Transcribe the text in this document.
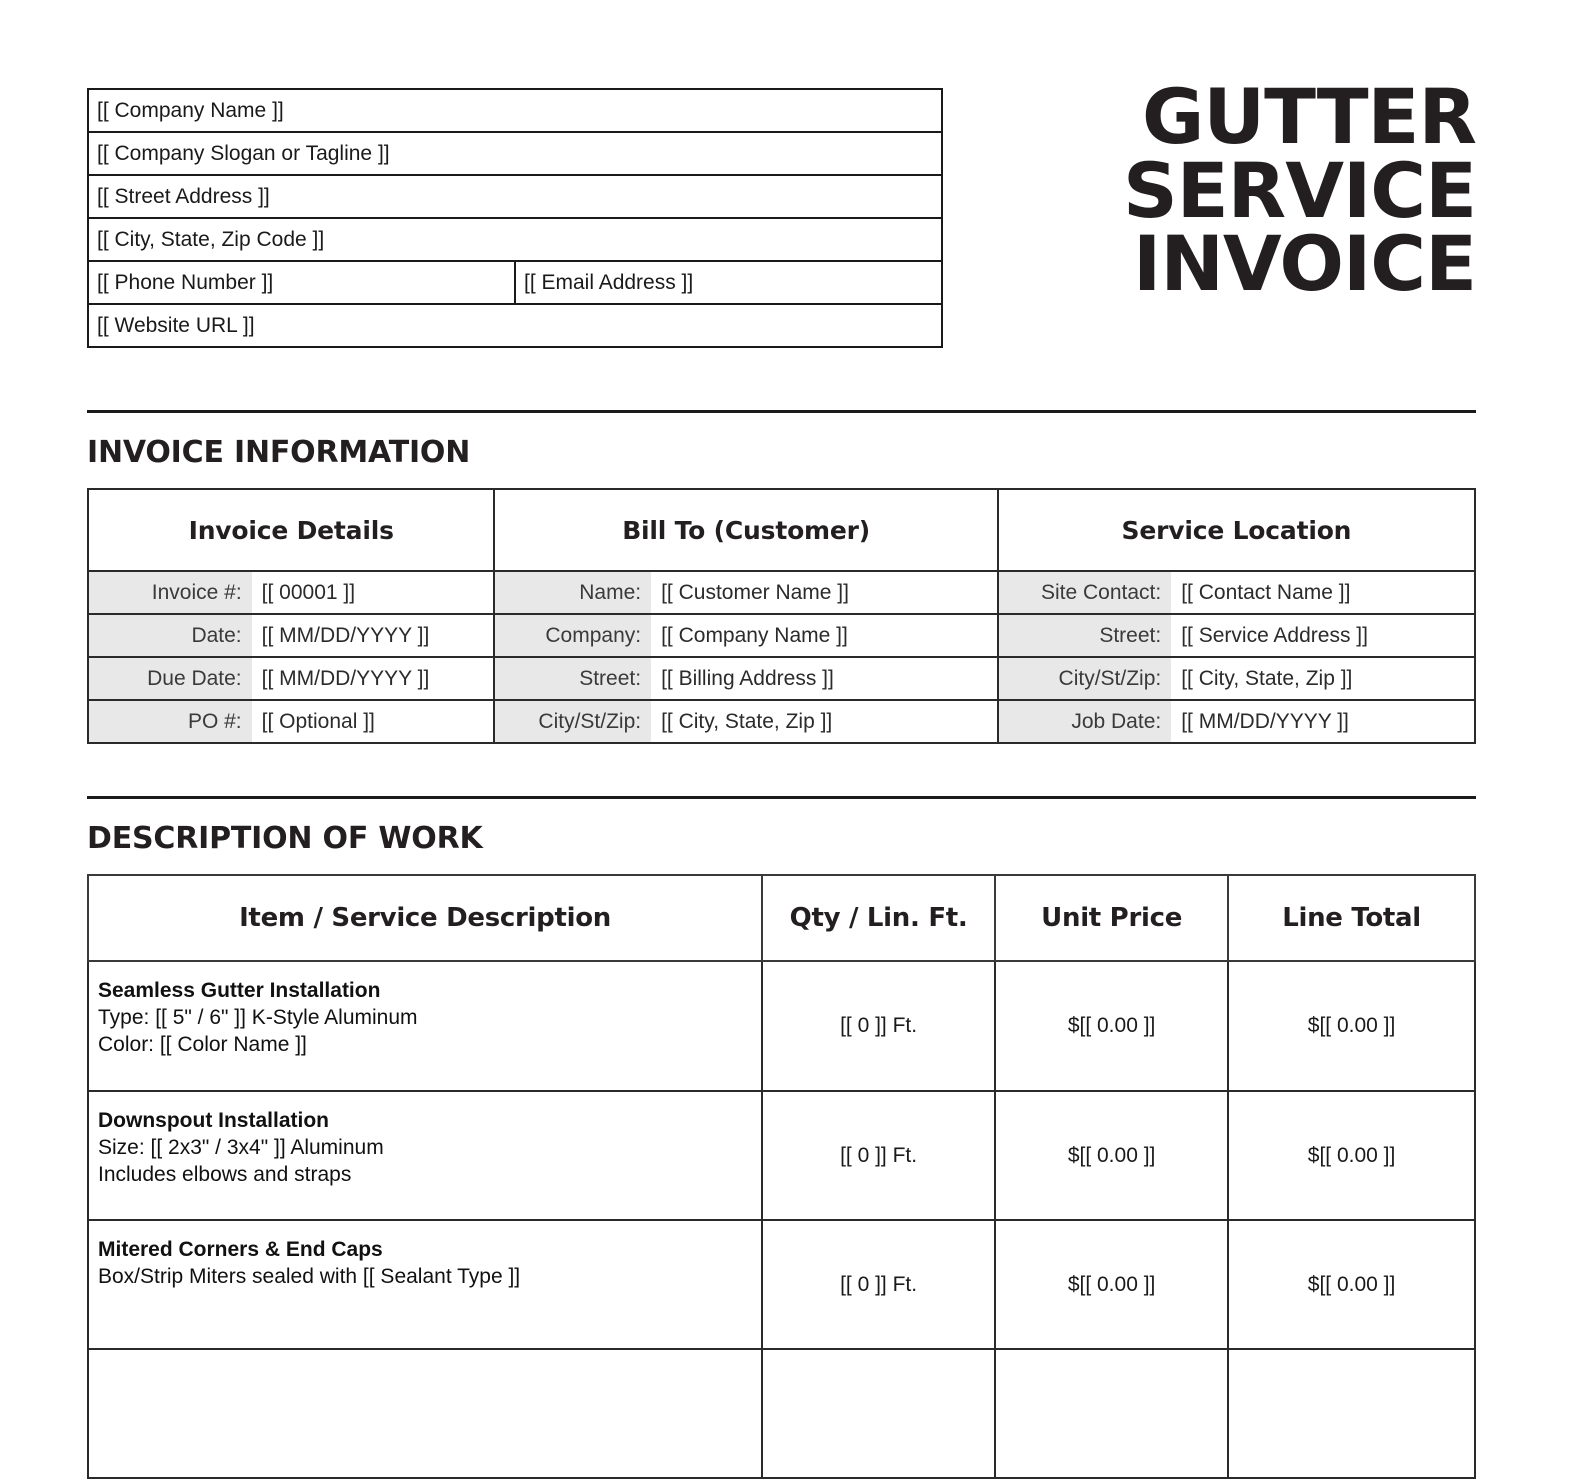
[[ Company Name ]]
[[ Company Slogan or Tagline ]]
[[ Street Address ]]
[[ City, State, Zip Code ]]
[[ Phone Number ]]	[[ Email Address ]]
[[ Website URL ]]
GUTTER
SERVICE
INVOICE
INVOICE INFORMATION
Invoice Details		Bill To (Customer)		Service Location	
Invoice #:	[[ 00001 ]]	Name:	[[ Customer Name ]]	Site Contact:	[[ Contact Name ]]
Date:	[[ MM/DD/YYYY ]]	Company:	[[ Company Name ]]	Street:	[[ Service Address ]]
Due Date:	[[ MM/DD/YYYY ]]	Street:	[[ Billing Address ]]	City/St/Zip:	[[ City, State, Zip ]]
PO #:	[[ Optional ]]	City/St/Zip:	[[ City, State, Zip ]]	Job Date:	[[ MM/DD/YYYY ]]
DESCRIPTION OF WORK
Item / Service Description	Qty / Lin. Ft.	Unit Price	Line Total

Seamless Gutter Installation
Type: [[ 5" / 6" ]] K-Style Aluminum
Color: [[ Color Name ]]	[[ 0 ]] Ft.	$[[ 0.00 ]]	$[[ 0.00 ]]

Downspout Installation
Size: [[ 2x3" / 3x4" ]] Aluminum
Includes elbows and straps	[[ 0 ]] Ft.	$[[ 0.00 ]]	$[[ 0.00 ]]

Mitered Corners & End Caps
Box/Strip Miters sealed with [[ Sealant Type ]]	[[ 0 ]] Ft.	$[[ 0.00 ]]	$[[ 0.00 ]]
